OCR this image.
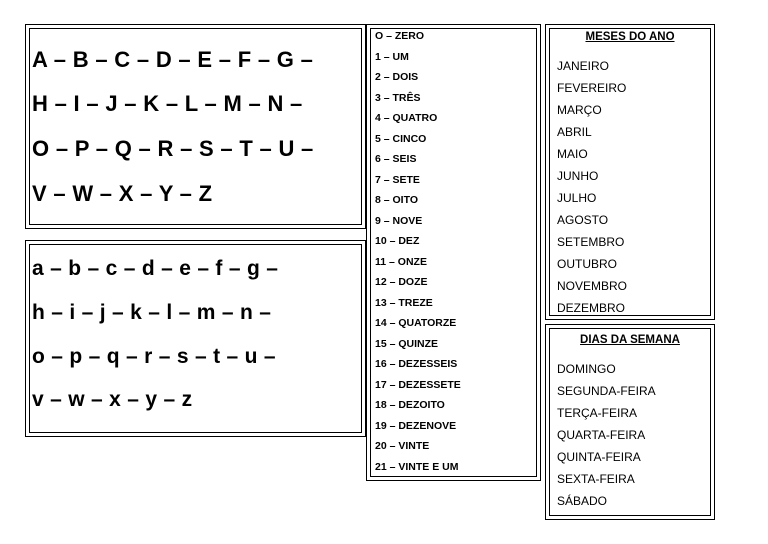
A – B – C – D – E – F – G –
H – I – J – K – L – M – N –
O – P – Q – R – S – T – U –
V – W – X – Y – Z
a – b – c – d – e – f – g –
h – i – j – k – l – m – n –
o – p – q – r – s – t – u –
v – w – x – y – z
O – ZERO
1 – UM
2 – DOIS
3 – TRÊS
4 – QUATRO
5 – CINCO
6 – SEIS
7 – SETE
8 – OITO
9 – NOVE
10 – DEZ
11 – ONZE
12 – DOZE
13 – TREZE
14 – QUATORZE
15 – QUINZE
16 – DEZESSEIS
17 – DEZESSETE
18 – DEZOITO
19 – DEZENOVE
20 – VINTE
21 – VINTE E UM
MESES DO ANO
JANEIRO
FEVEREIRO
MARÇO
ABRIL
MAIO
JUNHO
JULHO
AGOSTO
SETEMBRO
OUTUBRO
NOVEMBRO
DEZEMBRO
DIAS DA SEMANA
DOMINGO
SEGUNDA-FEIRA
TERÇA-FEIRA
QUARTA-FEIRA
QUINTA-FEIRA
SEXTA-FEIRA
SÁBADO
